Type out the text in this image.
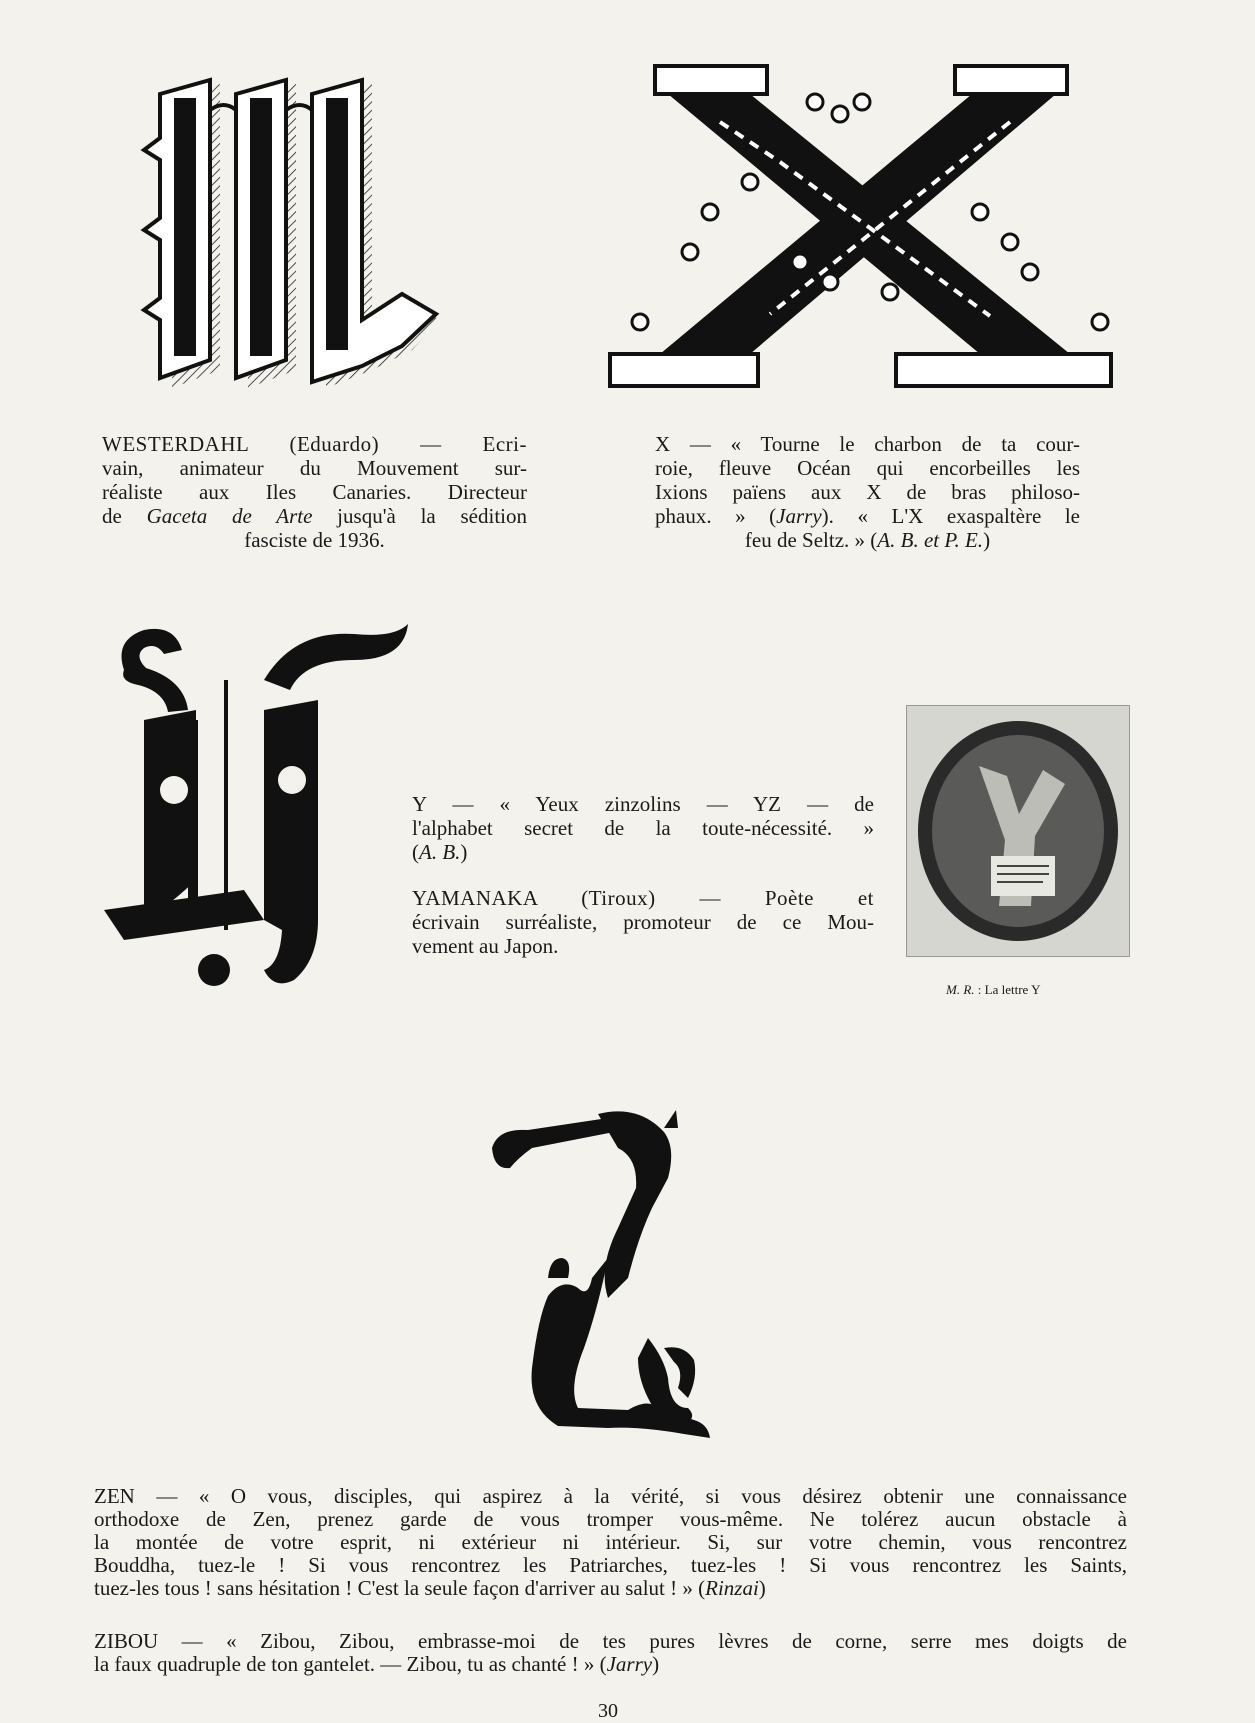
WESTERDAHL (Eduardo) — Ecri-
vain, animateur du Mouvement sur-
réaliste aux Iles Canaries. Directeur
de Gaceta de Arte jusqu'à la sédition
fasciste de 1936.
X — « Tourne le charbon de ta cour-
roie, fleuve Océan qui encorbeilles les
Ixions païens aux X de bras philoso-
phaux. » (Jarry). « L'X exaspaltère le
feu de Seltz. » (A. B. et P. E.)
Y — « Yeux zinzolins — YZ — de
l'alphabet secret de la toute-nécessité. »
(A. B.)
YAMANAKA (Tiroux) — Poète et
écrivain surréaliste, promoteur de ce Mou-
vement au Japon.
M. R. : La lettre Y
ZEN — « O vous, disciples, qui aspirez à la vérité, si vous désirez obtenir une connaissance
orthodoxe de Zen, prenez garde de vous tromper vous-même. Ne tolérez aucun obstacle à
la montée de votre esprit, ni extérieur ni intérieur. Si, sur votre chemin, vous rencontrez
Bouddha, tuez-le ! Si vous rencontrez les Patriarches, tuez-les ! Si vous rencontrez les Saints,
tuez-les tous ! sans hésitation ! C'est la seule façon d'arriver au salut ! » (Rinzai)
ZIBOU — « Zibou, Zibou, embrasse-moi de tes pures lèvres de corne, serre mes doigts de
la faux quadruple de ton gantelet. — Zibou, tu as chanté ! » (Jarry)
30
